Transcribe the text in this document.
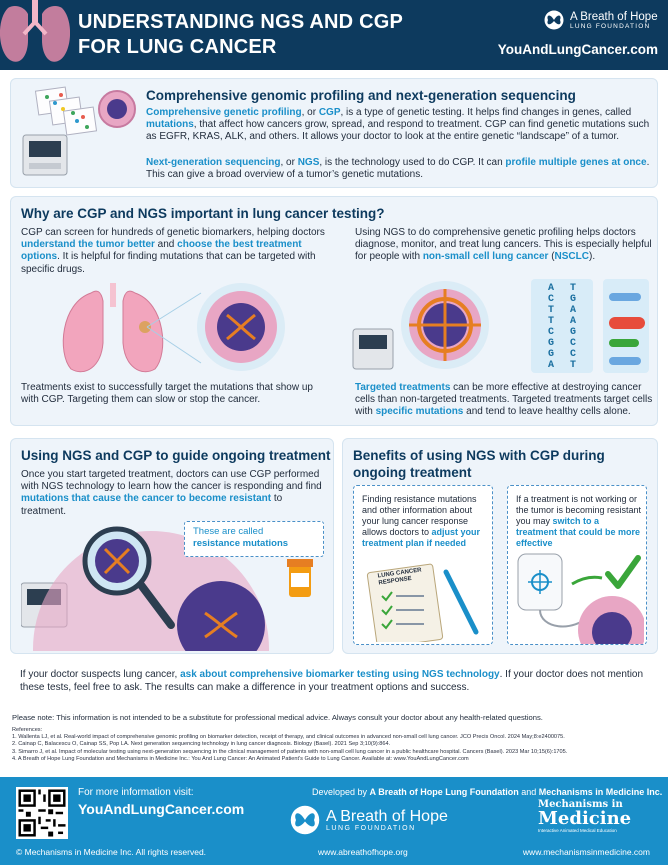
UNDERSTANDING NGS AND CGP FOR LUNG CANCER
A Breath of Hope
LUNG FOUNDATION
YouAndLungCancer.com
Comprehensive genomic profiling and next-generation sequencing
Comprehensive genetic profiling, or CGP, is a type of genetic testing. It helps find changes in genes, called mutations, that affect how cancers grow, spread, and respond to treatment. CGP can find genetic mutations such as EGFR, KRAS, ALK, and others. It allows your doctor to look at the entire genetic “landscape” of a tumor.
Next-generation sequencing, or NGS, is the technology used to do CGP. It can profile multiple genes at once. This can give a broad overview of a tumor’s genetic mutations.
Why are CGP and NGS important in lung cancer testing?
CGP can screen for hundreds of genetic biomarkers, helping doctors understand the tumor better and choose the best treatment options. It is helpful for finding mutations that can be targeted with specific drugs.
Treatments exist to successfully target the mutations that show up with CGP. Targeting them can slow or stop the cancer.
Using NGS to do comprehensive genetic profiling helps doctors diagnose, monitor, and treat lung cancers. This is especially helpful for people with non-small cell lung cancer (NSCLC).
A
C
T
T
C
G
G
A
T
G
A
A
G
C
C
T
Targeted treatments can be more effective at destroying cancer cells than non-targeted treatments. Targeted treatments target cells with specific mutations and tend to leave healthy cells alone.
Using NGS and CGP to guide ongoing treatment
Once you start targeted treatment, doctors can use CGP performed with NGS technology to learn how the cancer is responding and find mutations that cause the cancer to become resistant to treatment.
These are called
resistance mutations
Benefits of using NGS with CGP during ongoing treatment
Finding resistance mutations and other information about your lung cancer response allows doctors to adjust your treatment plan if needed
LUNG CANCER RESPONSE
If a treatment is not working or the tumor is becoming resistant you may switch to a treatment that could be more effective
If your doctor suspects lung cancer, ask about comprehensive biomarker testing using NGS technology. If your doctor does not mention these tests, feel free to ask. The results can make a difference in your treatment options and success.
Please note: This information is not intended to be a substitute for professional medical advice. Always consult your doctor about any health-related questions.
References:
1. Wallenta LJ, et al. Real-world impact of comprehensive genomic profiling on biomarker detection, receipt of therapy, and clinical outcomes in advanced non-small cell lung cancer. JCO Precis Oncol. 2024 May;8:e2400075.
2. Cainap C, Balacescu O, Cainap SS, Pop LA. Next generation sequencing technology in lung cancer diagnosis. Biology (Basel). 2021 Sep 3;10(9):864.
3. Simarro J, et al. Impact of molecular testing using next-generation sequencing in the clinical management of patients with non-small cell lung cancer in a public healthcare hospital. Cancers (Basel). 2023 Mar 10;15(6):1705.
4. A Breath of Hope Lung Foundation and Mechanisms in Medicine Inc.: You And Lung Cancer: An Animated Patient’s Guide to Lung Cancer. Available at: www.YouAndLungCancer.com
For more information visit:
YouAndLungCancer.com
Developed by A Breath of Hope Lung Foundation and Mechanisms in Medicine Inc.
A Breath of Hope
LUNG FOUNDATION
Mechanisms in
Medicine
Interactive Animated Medical Education
© Mechanisms in Medicine Inc. All rights reserved.	www.abreathofhope.org	www.mechanismsinmedicine.com
